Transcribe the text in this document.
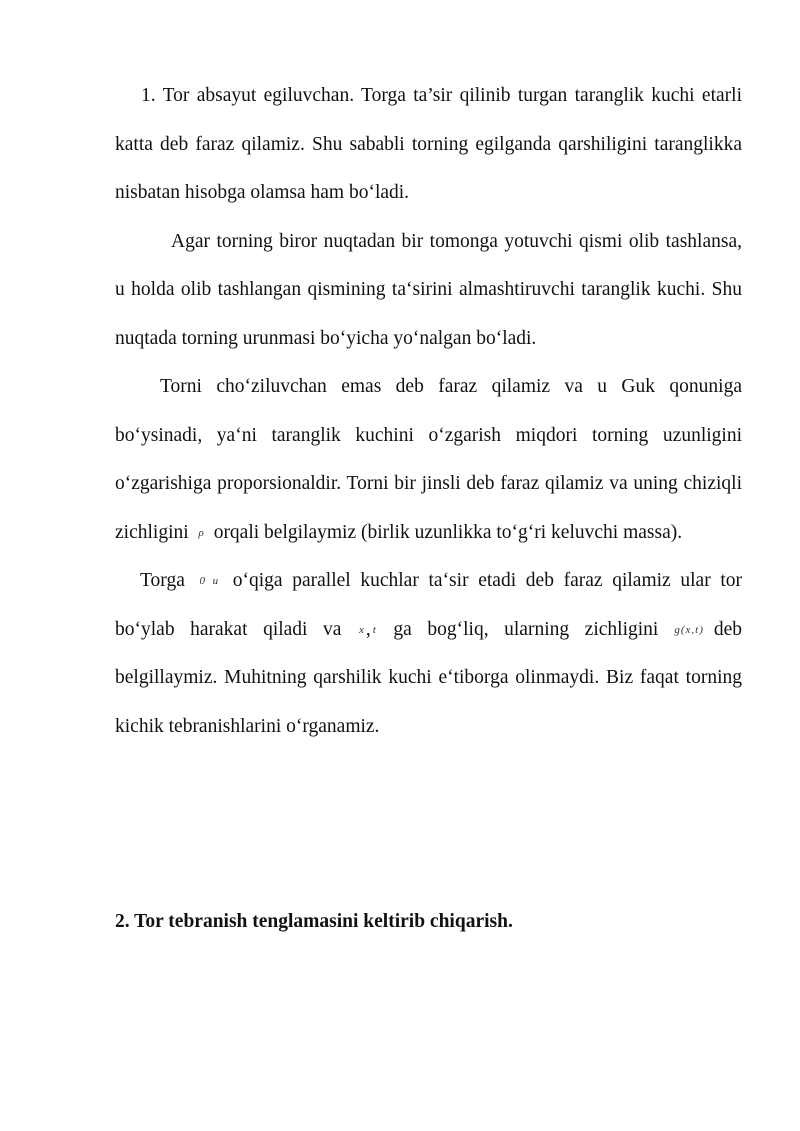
1. Tor absayut egiluvchan. Torga ta’sir qilinib turgan taranglik kuchi etarli katta deb faraz qilamiz. Shu sababli torning egilganda qarshiligini taranglikka nisbatan hisobga olamsa ham bo‘ladi.

Agar torning biror nuqtadan bir tomonga yotuvchi qismi olib tashlansa, u holda olib tashlangan qismining ta‘sirini almashtiruvchi taranglik kuchi. Shu nuqtada torning urunmasi bo‘yicha yo‘nalgan bo‘ladi.

Torni cho‘ziluvchan emas deb faraz qilamiz va u Guk qonuniga bo‘ysinadi, ya‘ni taranglik kuchini o‘zgarish miqdori torning uzunligini o‘zgarishiga proporsionaldir. Torni bir jinsli deb faraz qilamiz va uning chiziqli zichligini ρ orqali belgilaymiz (birlik uzunlikka to‘g‘ri keluvchi massa).

Torga 0 u o‘qiga parallel kuchlar ta‘sir etadi deb faraz qilamiz ular tor bo‘ylab harakat qiladi va x , t ga bog‘liq, ularning zichligini g(x,t) deb belgillaymiz. Muhitning qarshilik kuchi e‘tiborga olinmaydi. Biz faqat torning kichik tebranishlarini o‘rganamiz.

2. Tor tebranish tenglamasini keltirib chiqarish.
